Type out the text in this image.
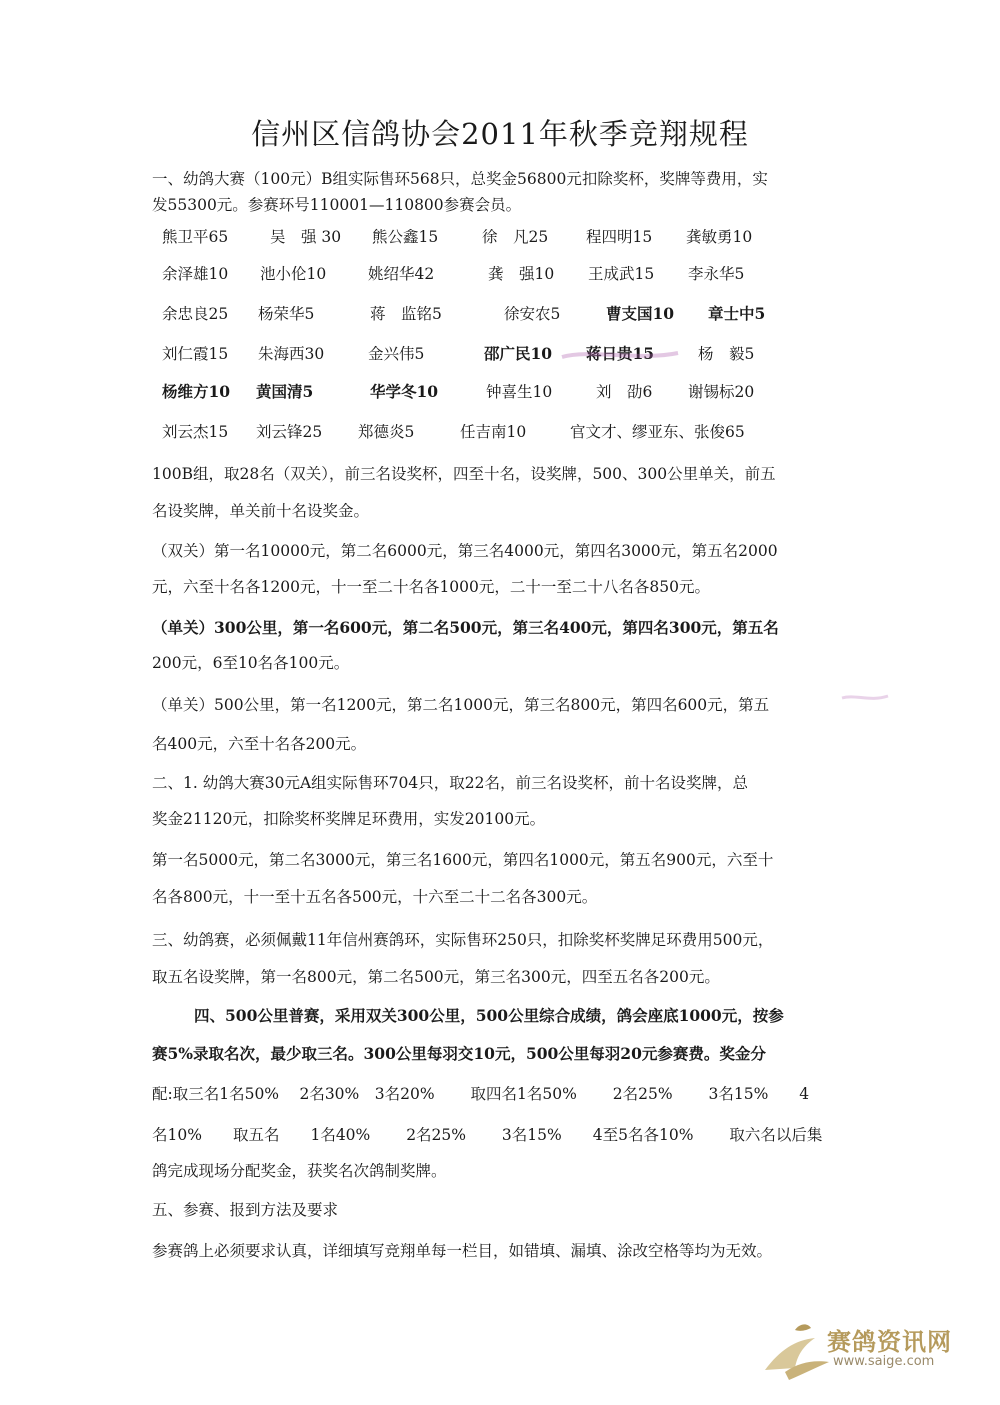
信州区信鸽协会2011年秋季竞翔规程
一、幼鸽大赛（100元）B组实际售环568只，总奖金56800元扣除奖杯，奖牌等费用，实
发55300元。参赛环号110001—110800参赛会员。
熊卫平65	吴　强 30 熊公鑫15	徐　凡25 程四明15 龚敏勇10
余泽雄10 池小伦10	姚绍华42	龚　强10 王成武15 李永华5
余忠良25 杨荣华5	蒋　监铭5	徐安农5	曹支国10 章士中5
刘仁霞15 朱海西30	金兴伟5	邵广民10 蒋日贵15	杨　毅5
杨维方10 黄国清5	华学冬10	钟喜生10	刘　劭6 谢锡标20
刘云杰15 刘云锋25 郑德炎5	任吉南10	官文才、缪亚东、张俊65
100B组，取28名（双关），前三名设奖杯，四至十名，设奖牌，500、300公里单关，前五
名设奖牌，单关前十名设奖金。
（双关）第一名10000元，第二名6000元，第三名4000元，第四名3000元，第五名2000
元，六至十名各1200元，十一至二十名各1000元，二十一至二十八名各850元。
（单关）300公里，第一名600元，第二名500元，第三名400元，第四名300元，第五名
200元，6至10名各100元。
（单关）500公里，第一名1200元，第二名1000元，第三名800元，第四名600元，第五
名400元，六至十名各200元。
二、1. 幼鸽大赛30元A组实际售环704只，取22名，前三名设奖杯，前十名设奖牌，总
奖金21120元，扣除奖杯奖牌足环费用，实发20100元。
第一名5000元，第二名3000元，第三名1600元，第四名1000元，第五名900元，六至十
名各800元，十一至十五名各500元，十六至二十二名各300元。
三、幼鸽赛，必须佩戴11年信州赛鸽环，实际售环250只，扣除奖杯奖牌足环费用500元，
取五名设奖牌，第一名800元，第二名500元，第三名300元，四至五名各200元。
四、500公里普赛，采用双关300公里，500公里综合成绩，鸽会座底1000元，按参
赛5%录取名次，最少取三名。300公里每羽交10元，500公里每羽20元参赛费。奖金分
配:取三名1名50%　 2名30%　3名20%　　 取四名1名50%　　 2名25%　　 3名15%　　4
名10%　　取五名　　1名40%　　 2名25%　　 3名15%　　4至5名各10%　　 取六名以后集
鸽完成现场分配奖金，获奖名次鸽制奖牌。
五、参赛、报到方法及要求
参赛鸽上必须要求认真，详细填写竞翔单每一栏目，如错填、漏填、涂改空格等均为无效。
赛鸽资讯网
www.saige.com
